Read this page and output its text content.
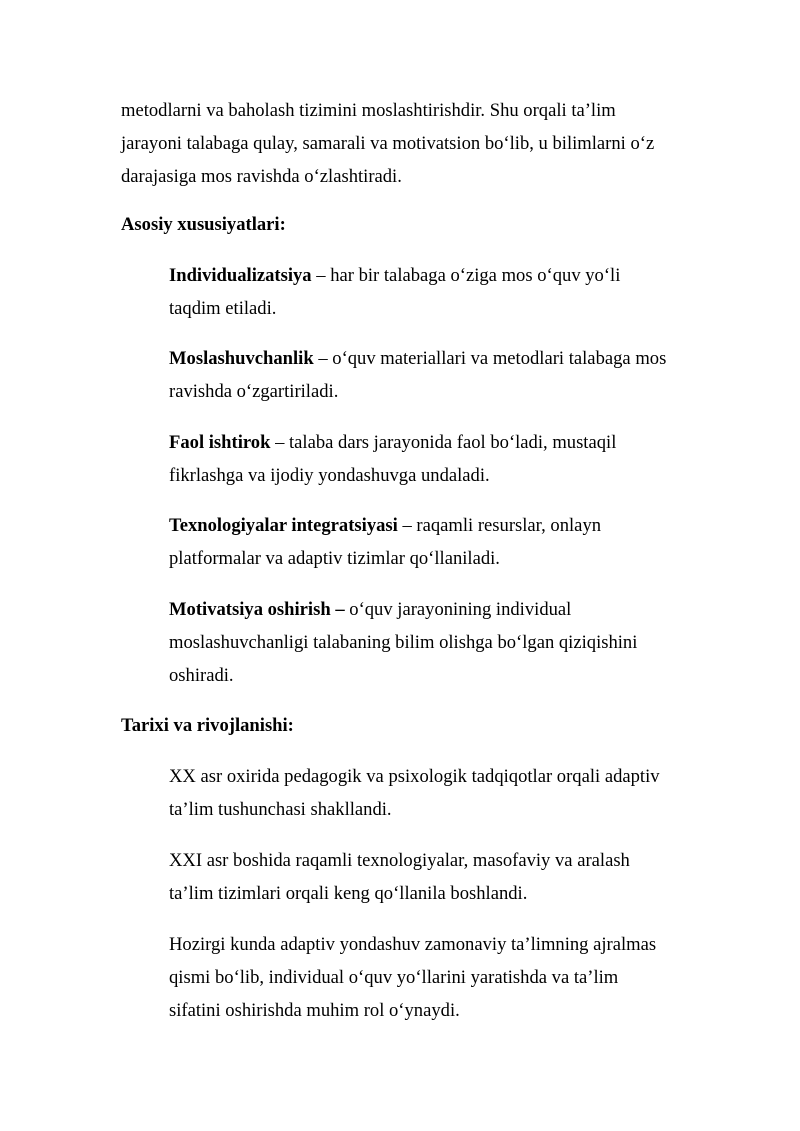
metodlarni va baholash tizimini moslashtirishdir. Shu orqali ta’lim
jarayoni talabaga qulay, samarali va motivatsion bo‘lib, u bilimlarni o‘z
darajasiga mos ravishda o‘zlashtiradi.

Asosiy xususiyatlari:

Individualizatsiya – har bir talabaga o‘ziga mos o‘quv yo‘li
taqdim etiladi.

Moslashuvchanlik – o‘quv materiallari va metodlari talabaga mos
ravishda o‘zgartiriladi.

Faol ishtirok – talaba dars jarayonida faol bo‘ladi, mustaqil
fikrlashga va ijodiy yondashuvga undaladi.

Texnologiyalar integratsiyasi – raqamli resurslar, onlayn
platformalar va adaptiv tizimlar qo‘llaniladi.

Motivatsiya oshirish – o‘quv jarayonining individual
moslashuvchanligi talabaning bilim olishga bo‘lgan qiziqishini
oshiradi.

Tarixi va rivojlanishi:

XX asr oxirida pedagogik va psixologik tadqiqotlar orqali adaptiv
ta’lim tushunchasi shakllandi.

XXI asr boshida raqamli texnologiyalar, masofaviy va aralash
ta’lim tizimlari orqali keng qo‘llanila boshlandi.

Hozirgi kunda adaptiv yondashuv zamonaviy ta’limning ajralmas
qismi bo‘lib, individual o‘quv yo‘llarini yaratishda va ta’lim
sifatini oshirishda muhim rol o‘ynaydi.
